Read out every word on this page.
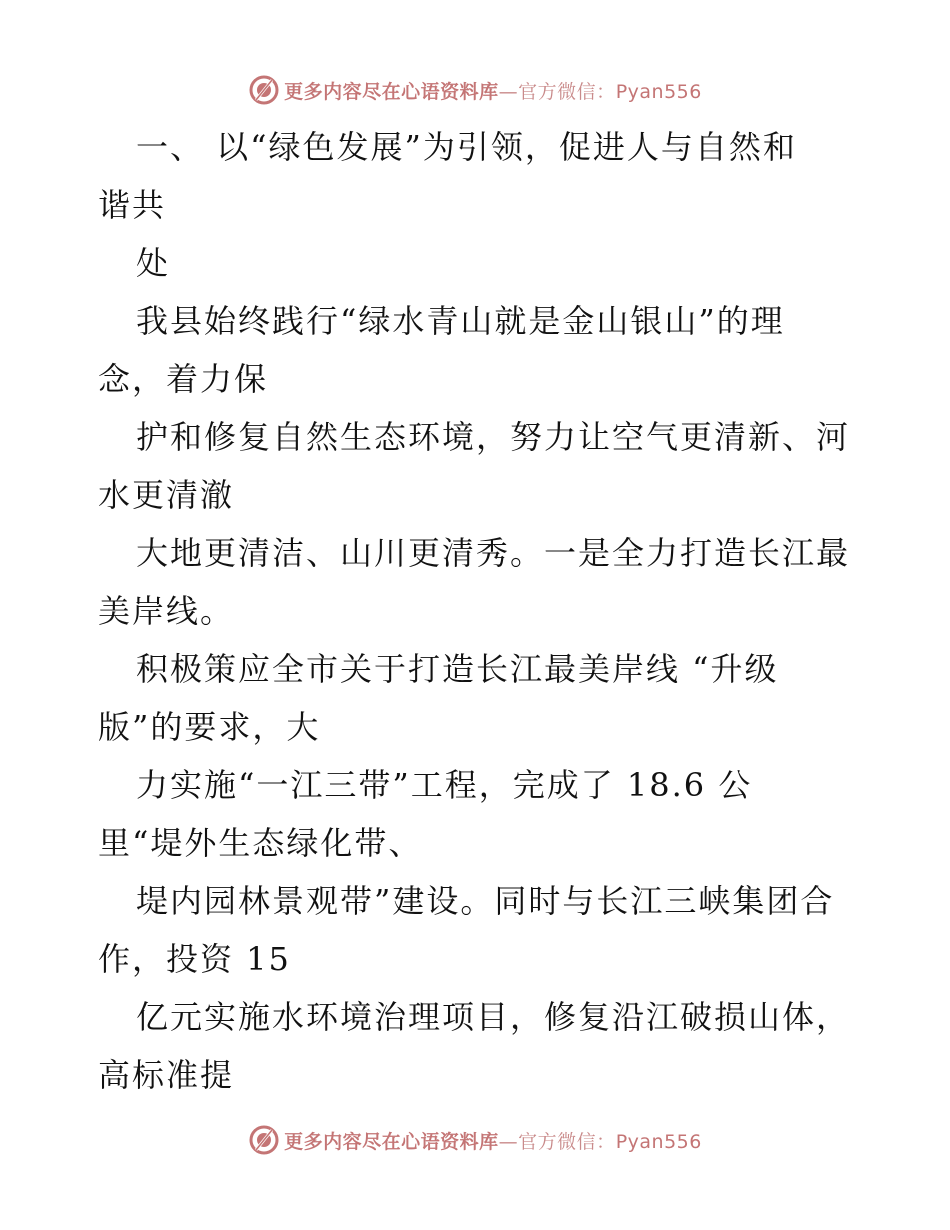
更多内容尽在心语资料库—官方微信：Pyan556
一、 以“绿色发展”为引领，促进人与自然和
谐共
处
我县始终践行“绿水青山就是金山银山”的理
念，着力保
护和修复自然生态环境，努力让空气更清新、河
水更清澈
大地更清洁、山川更清秀。一是全力打造长江最
美岸线。
积极策应全市关于打造长江最美岸线 “升级
版”的要求，大
力实施“一江三带”工程，完成了 18.6 公
里“堤外生态绿化带、
堤内园林景观带”建设。同时与长江三峡集团合
作，投资 15
亿元实施水环境治理项目，修复沿江破损山体，
高标准提
更多内容尽在心语资料库—官方微信：Pyan556
